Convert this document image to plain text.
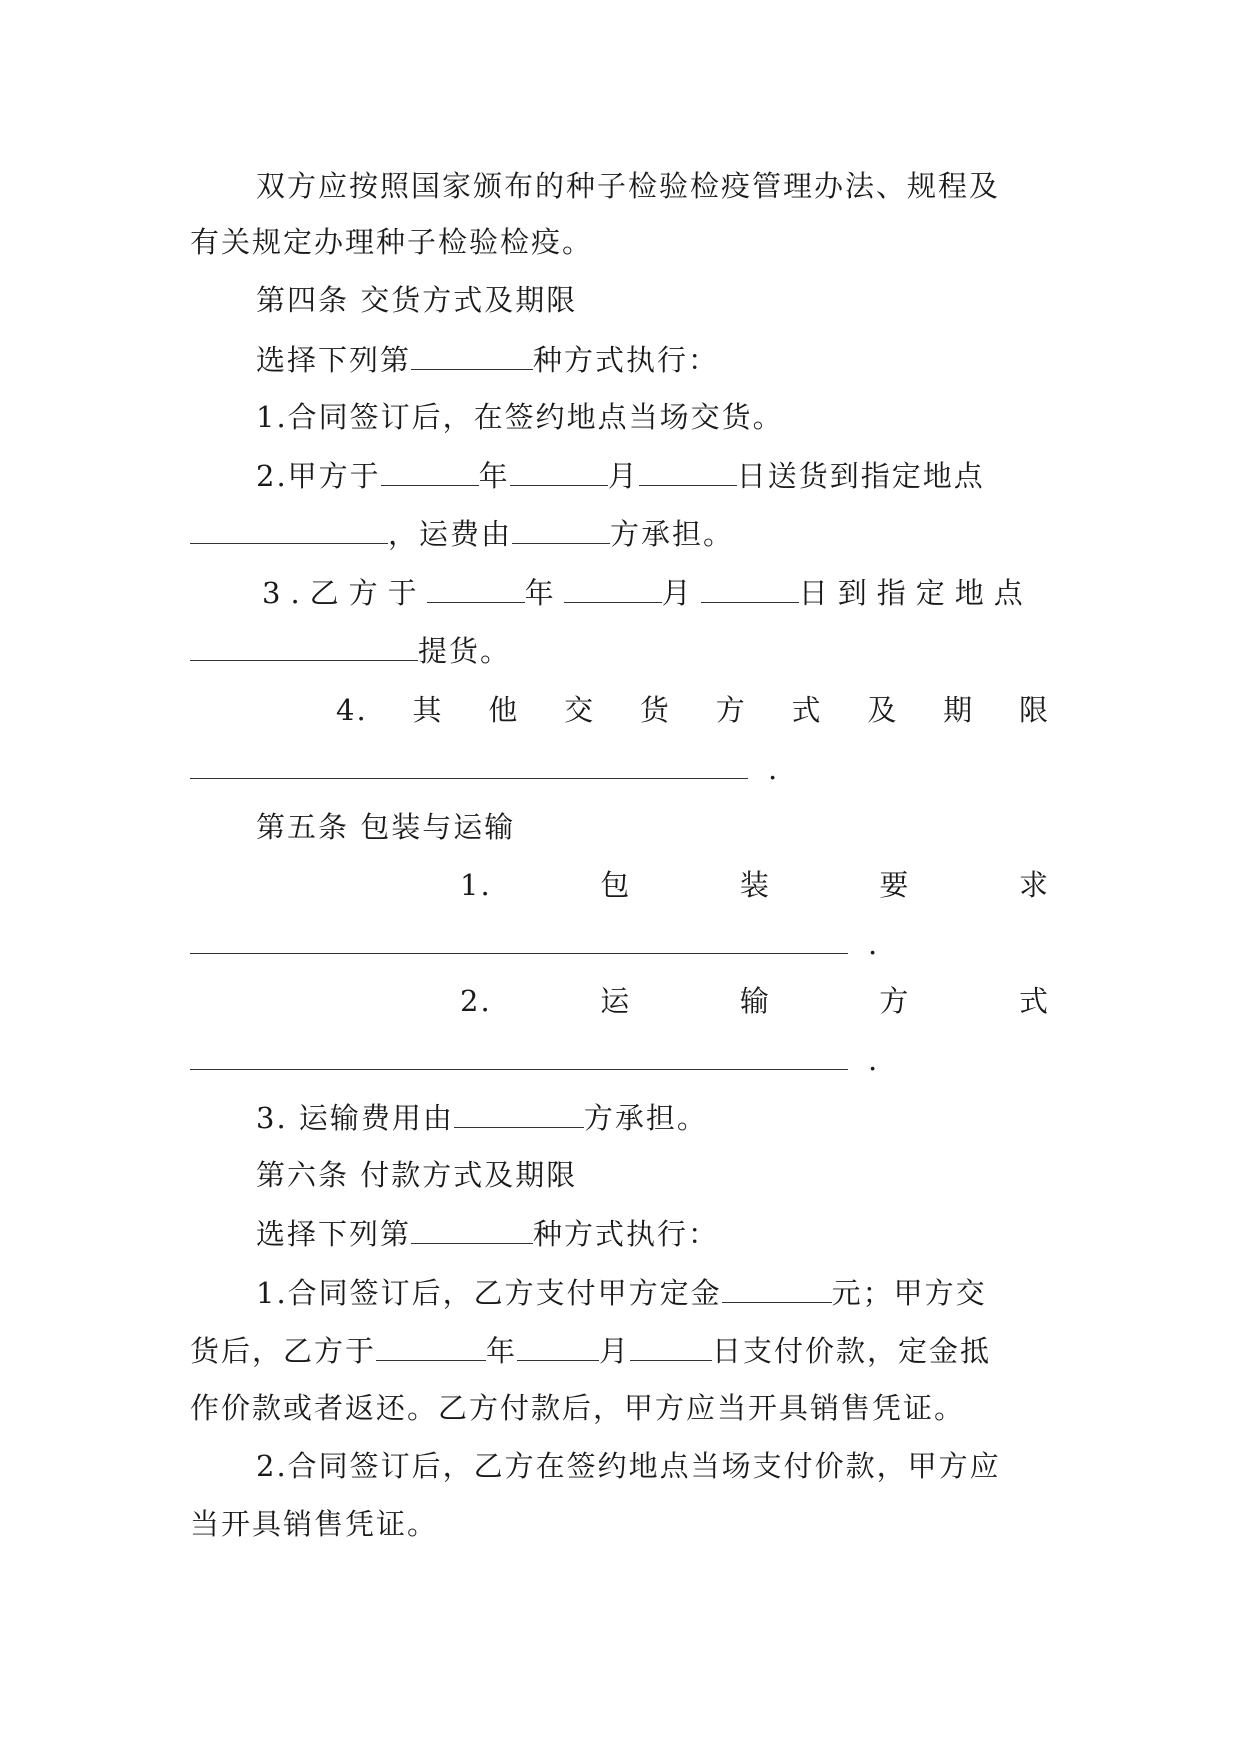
双方应按照国家颁布的种子检验检疫管理办法、规程及
有关规定办理种子检验检疫。
第四条 交货方式及期限
选择下列第	种方式执行：
1.合同签订后，在签约地点当场交货。
2.甲方于	年	月	日送货到指定地点
，运费由	方承担。
3.乙方于	年	月	日到指定地点
提货。
4. 其 他 交 货 方 式 及 期 限
.
第五条 包装与运输
1.	包	装	要	求
.
2.	运	输	方	式
.
3. 运输费用由	方承担。
第六条 付款方式及期限
选择下列第	种方式执行：
1.合同签订后，乙方支付甲方定金	元；甲方交
货后，乙方于	年	月	日支付价款，定金抵
作价款或者返还。乙方付款后，甲方应当开具销售凭证。
2.合同签订后，乙方在签约地点当场支付价款，甲方应
当开具销售凭证。
